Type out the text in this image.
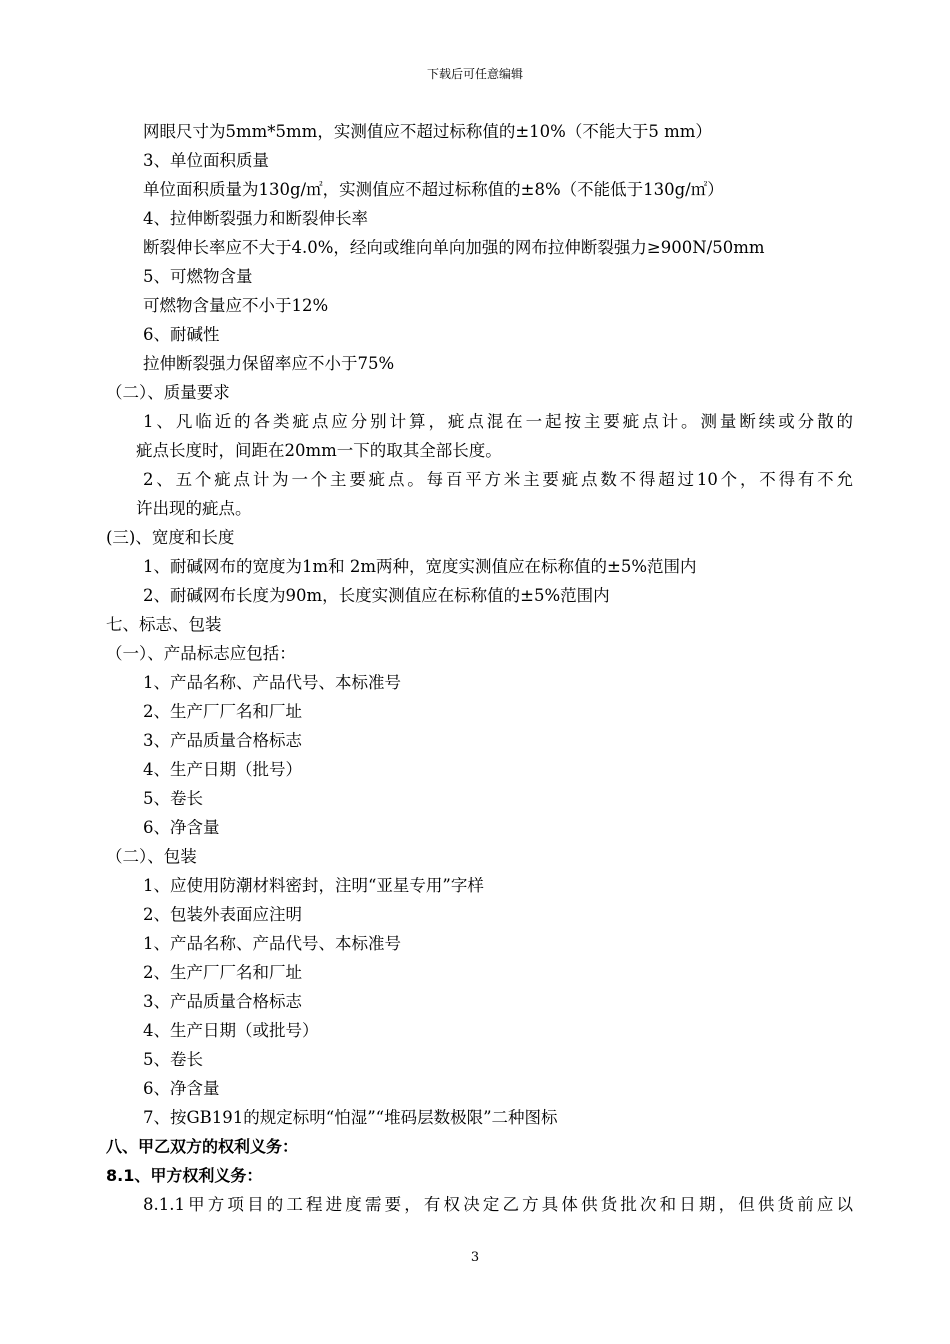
下载后可任意编辑
网眼尺寸为5mm*5mm，实测值应不超过标称值的±10%（不能大于5 mm）
3、单位面积质量
单位面积质量为130g/㎡，实测值应不超过标称值的±8%（不能低于130g/㎡）
4、拉伸断裂强力和断裂伸长率
断裂伸长率应不大于4.0%，经向或维向单向加强的网布拉伸断裂强力≥900N/50mm
5、可燃物含量
可燃物含量应不小于12%
6、耐碱性
拉伸断裂强力保留率应不小于75%
（二）、质量要求
1、凡临近的各类疵点应分别计算，疵点混在一起按主要疵点计。测量断续或分散的
疵点长度时，间距在20mm一下的取其全部长度。
2、五个疵点计为一个主要疵点。每百平方米主要疵点数不得超过10个，不得有不允
许出现的疵点。
(三)、宽度和长度
1、耐碱网布的宽度为1m和 2m两种，宽度实测值应在标称值的±5%范围内
2、耐碱网布长度为90m，长度实测值应在标称值的±5%范围内
七、标志、包装
（一）、产品标志应包括：
1、产品名称、产品代号、本标准号
2、生产厂厂名和厂址
3、产品质量合格标志
4、生产日期（批号）
5、卷长
6、净含量
（二）、包装
1、应使用防潮材料密封，注明“亚星专用”字样
2、包装外表面应注明
1、产品名称、产品代号、本标准号
2、生产厂厂名和厂址
3、产品质量合格标志
4、生产日期（或批号）
5、卷长
6、净含量
7、按GB191的规定标明“怕湿”“堆码层数极限”二种图标
八、甲乙双方的权利义务：
8.1、甲方权利义务：
8.1.1甲方项目的工程进度需要，有权决定乙方具体供货批次和日期，但供货前应以
3
